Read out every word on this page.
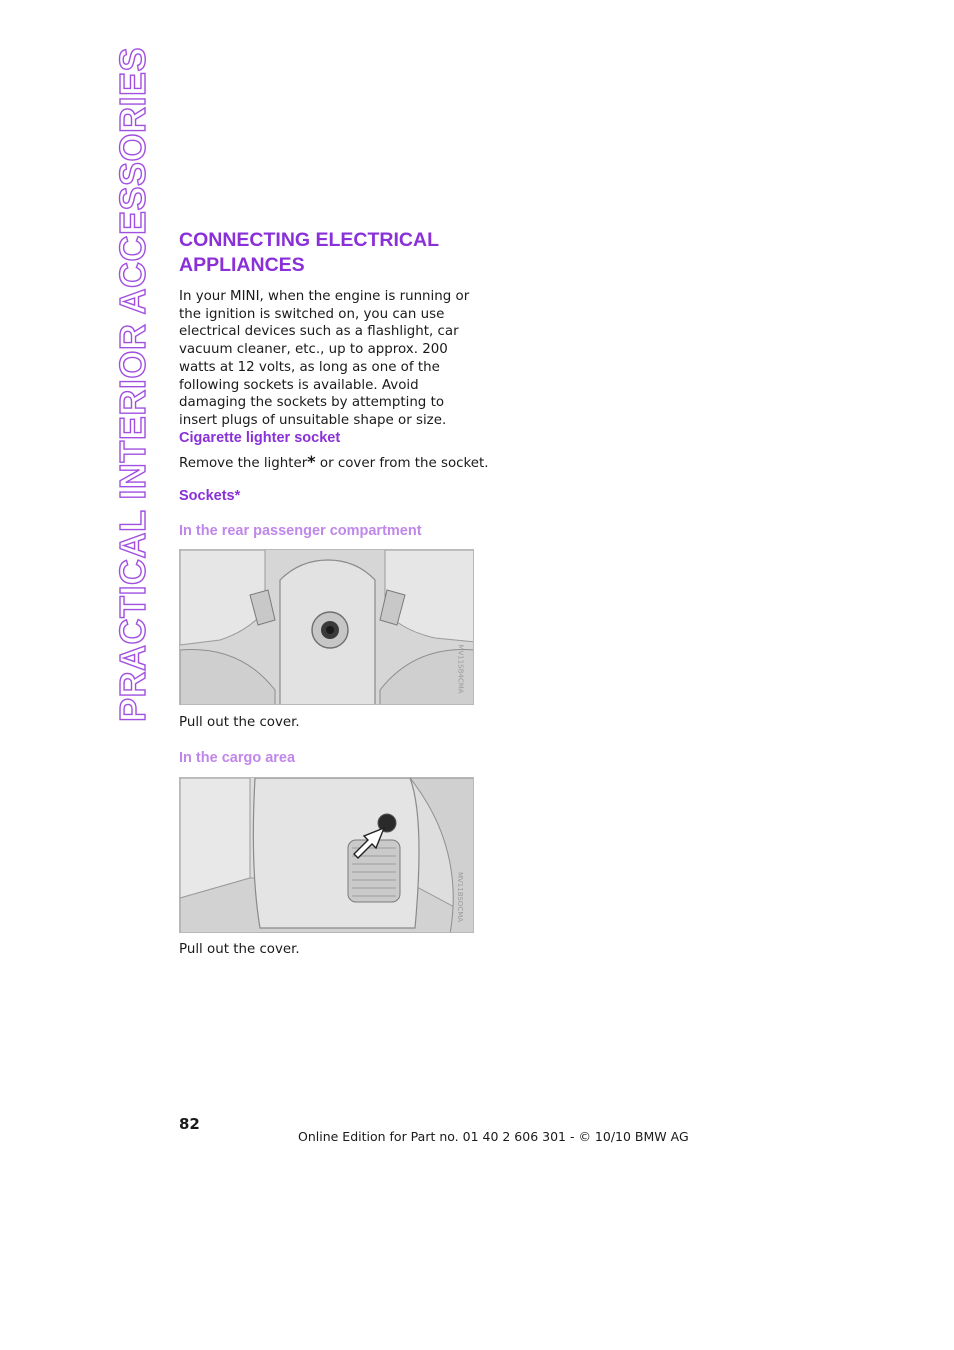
PRACTICAL INTERIOR ACCESSORIES CONNECTING ELECTRICAL APPLIANCES
In your MINI, when the engine is running or the ignition is switched on, you can use electrical devices such as a flashlight, car vacuum cleaner, etc., up to approx. 200 watts at 12 volts, as long as one of the following sockets is available. Avoid damaging the sockets by attempting to insert plugs of unsuitable shape or size.
Cigarette lighter socket
Remove the lighter* or cover from the socket.
Sockets*
In the rear passenger compartment
MV11SB4CMA
Pull out the cover.
In the cargo area
MV11BSOCMA
Pull out the cover.
82
Online Edition for Part no. 01 40 2 606 301 - © 10/10 BMW AG
